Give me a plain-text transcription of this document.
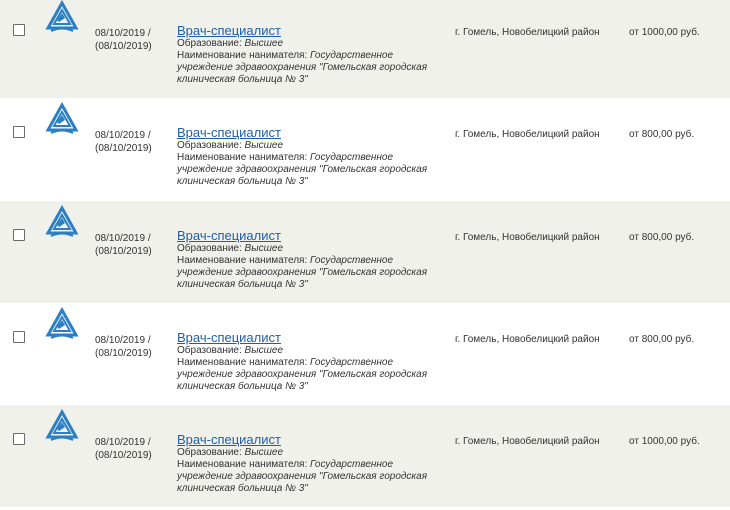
08/10/2019 /
(08/10/2019)
Врач-специалист
Образование: Высшее
Наименование нанимателя: Государственное учреждение здравоохранения "Гомельская городская клиническая больница № 3"
г. Гомель, Новобелицкий район	от 1000,00 руб.
08/10/2019 /
(08/10/2019)
Врач-специалист
Образование: Высшее
Наименование нанимателя: Государственное учреждение здравоохранения "Гомельская городская клиническая больница № 3"
г. Гомель, Новобелицкий район	от 800,00 руб.
08/10/2019 /
(08/10/2019)
Врач-специалист
Образование: Высшее
Наименование нанимателя: Государственное учреждение здравоохранения "Гомельская городская клиническая больница № 3"
г. Гомель, Новобелицкий район	от 800,00 руб.
08/10/2019 /
(08/10/2019)
Врач-специалист
Образование: Высшее
Наименование нанимателя: Государственное учреждение здравоохранения "Гомельская городская клиническая больница № 3"
г. Гомель, Новобелицкий район	от 800,00 руб.
08/10/2019 /
(08/10/2019)
Врач-специалист
Образование: Высшее
Наименование нанимателя: Государственное учреждение здравоохранения "Гомельская городская клиническая больница № 3"
г. Гомель, Новобелицкий район	от 1000,00 руб.
